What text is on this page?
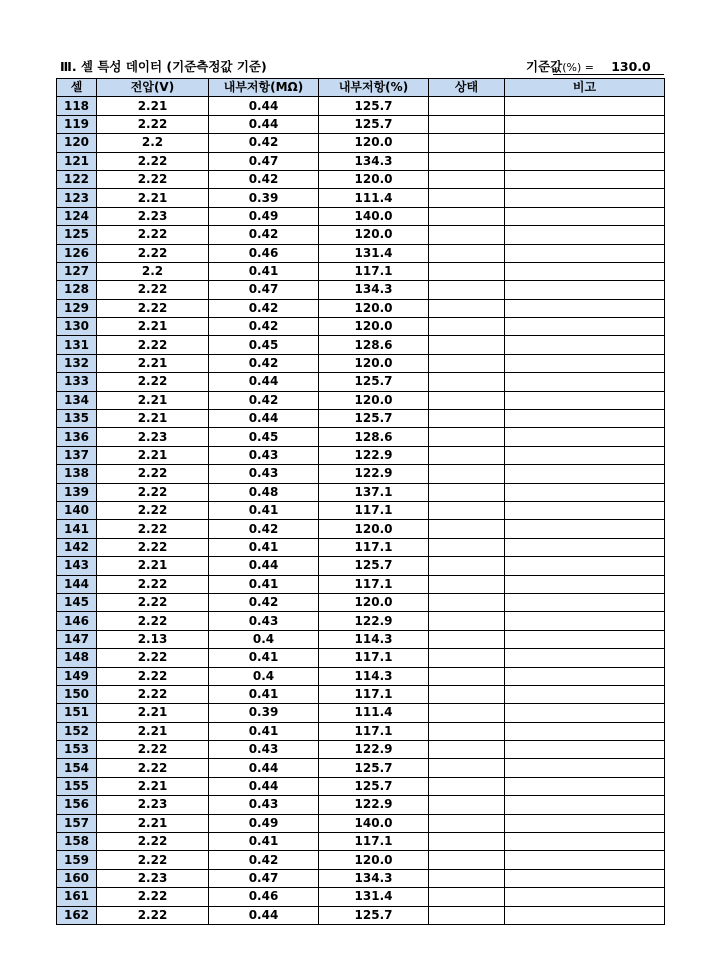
Ⅲ. 셀 특성 데이터 (기준측정값 기준)	기준값(%) = 130.0
셀	전압(V)	내부저항(MΩ)	내부저항(%)	상태	비고
118	2.21	0.44	125.7		
119	2.22	0.44	125.7		
120	2.2	0.42	120.0		
121	2.22	0.47	134.3		
122	2.22	0.42	120.0		
123	2.21	0.39	111.4		
124	2.23	0.49	140.0		
125	2.22	0.42	120.0		
126	2.22	0.46	131.4		
127	2.2	0.41	117.1		
128	2.22	0.47	134.3		
129	2.22	0.42	120.0		
130	2.21	0.42	120.0		
131	2.22	0.45	128.6		
132	2.21	0.42	120.0		
133	2.22	0.44	125.7		
134	2.21	0.42	120.0		
135	2.21	0.44	125.7		
136	2.23	0.45	128.6		
137	2.21	0.43	122.9		
138	2.22	0.43	122.9		
139	2.22	0.48	137.1		
140	2.22	0.41	117.1		
141	2.22	0.42	120.0		
142	2.22	0.41	117.1		
143	2.21	0.44	125.7		
144	2.22	0.41	117.1		
145	2.22	0.42	120.0		
146	2.22	0.43	122.9		
147	2.13	0.4	114.3		
148	2.22	0.41	117.1		
149	2.22	0.4	114.3		
150	2.22	0.41	117.1		
151	2.21	0.39	111.4		
152	2.21	0.41	117.1		
153	2.22	0.43	122.9		
154	2.22	0.44	125.7		
155	2.21	0.44	125.7		
156	2.23	0.43	122.9		
157	2.21	0.49	140.0		
158	2.22	0.41	117.1		
159	2.22	0.42	120.0		
160	2.23	0.47	134.3		
161	2.22	0.46	131.4		
162	2.22	0.44	125.7		
